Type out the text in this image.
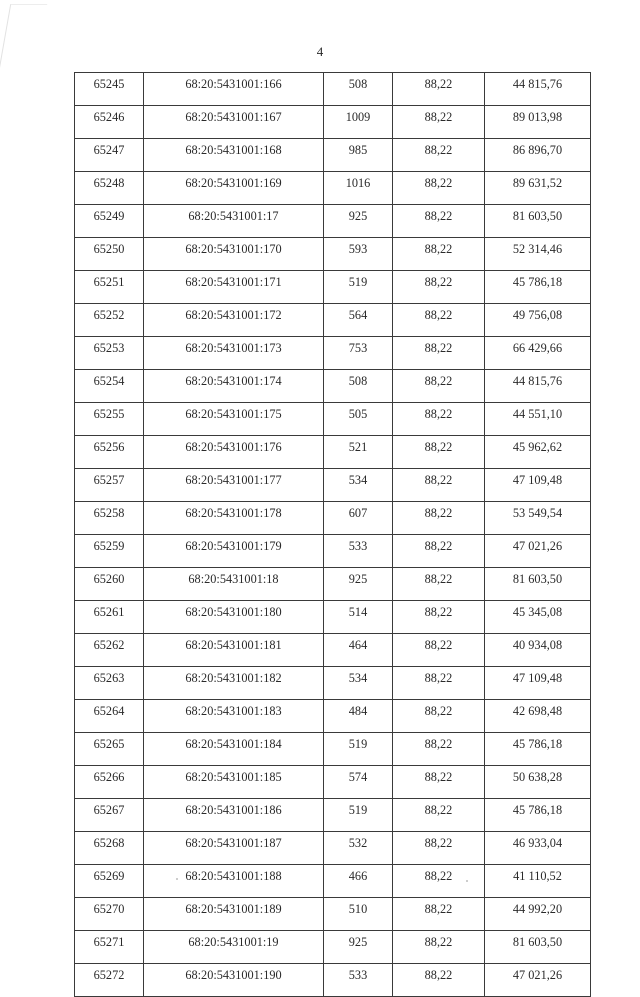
4
65245	68:20:5431001:166	508	88,22	44 815,76
65246	68:20:5431001:167	1009	88,22	89 013,98
65247	68:20:5431001:168	985	88,22	86 896,70
65248	68:20:5431001:169	1016	88,22	89 631,52
65249	68:20:5431001:17	925	88,22	81 603,50
65250	68:20:5431001:170	593	88,22	52 314,46
65251	68:20:5431001:171	519	88,22	45 786,18
65252	68:20:5431001:172	564	88,22	49 756,08
65253	68:20:5431001:173	753	88,22	66 429,66
65254	68:20:5431001:174	508	88,22	44 815,76
65255	68:20:5431001:175	505	88,22	44 551,10
65256	68:20:5431001:176	521	88,22	45 962,62
65257	68:20:5431001:177	534	88,22	47 109,48
65258	68:20:5431001:178	607	88,22	53 549,54
65259	68:20:5431001:179	533	88,22	47 021,26
65260	68:20:5431001:18	925	88,22	81 603,50
65261	68:20:5431001:180	514	88,22	45 345,08
65262	68:20:5431001:181	464	88,22	40 934,08
65263	68:20:5431001:182	534	88,22	47 109,48
65264	68:20:5431001:183	484	88,22	42 698,48
65265	68:20:5431001:184	519	88,22	45 786,18
65266	68:20:5431001:185	574	88,22	50 638,28
65267	68:20:5431001:186	519	88,22	45 786,18
65268	68:20:5431001:187	532	88,22	46 933,04
65269	68:20:5431001:188	466	88,22	41 110,52
65270	68:20:5431001:189	510	88,22	44 992,20
65271	68:20:5431001:19	925	88,22	81 603,50
65272	68:20:5431001:190	533	88,22	47 021,26
